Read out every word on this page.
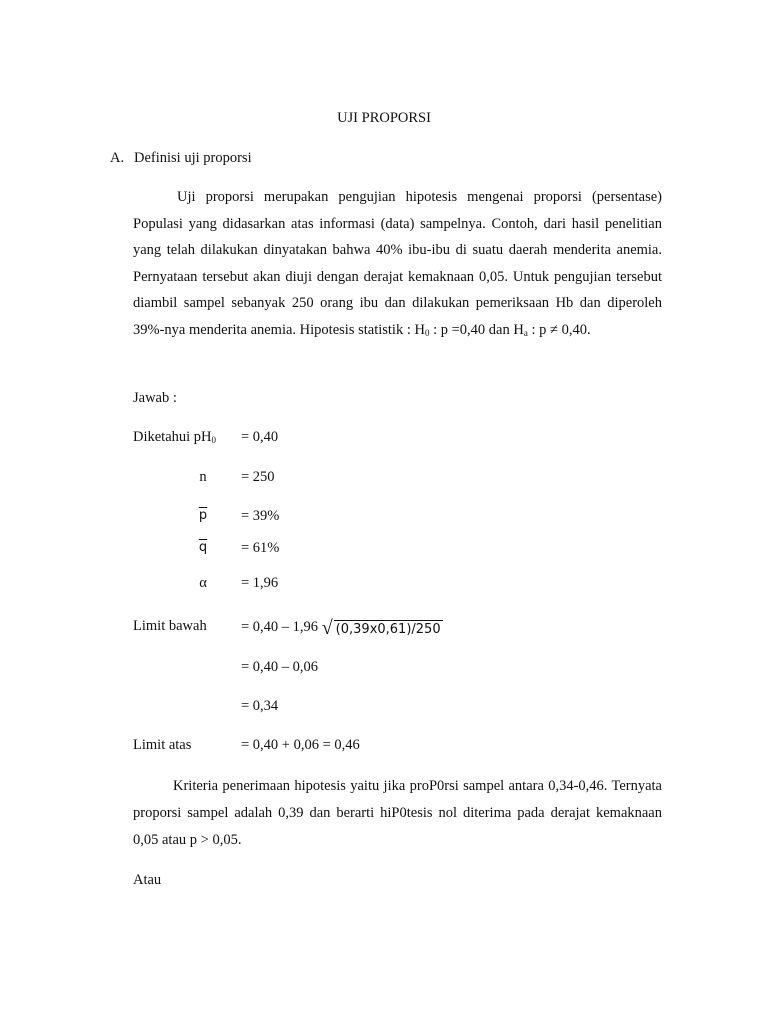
UJI PROPORSI
A. Definisi uji proporsi

Uji proporsi merupakan pengujian hipotesis mengenai proporsi (persentase) Populasi yang didasarkan atas informasi (data) sampelnya. Contoh, dari hasil penelitian yang telah dilakukan dinyatakan bahwa 40% ibu-ibu di suatu daerah menderita anemia. Pernyataan tersebut akan diuji dengan derajat kemaknaan 0,05. Untuk pengujian tersebut diambil sampel sebanyak 250 orang ibu dan dilakukan pemeriksaan Hb dan diperoleh 39%-nya menderita anemia. Hipotesis statistik : $H_0$ : p =0,40 dan $H_a$ : p ≠ 0,40.

Jawab :
Diketahui $pH_0 = 0,40$
n = 250
$\overline{p} = 39\%$
$\overline{q} = 61\%$
α = 1,96
Limit bawah = 0,40 – 1,96 √ (0,39x0,61)/250
= 0,40 – 0,06
= 0,34
Limit atas	= 0,40 + 0,06 = 0,46

Kriteria penerimaan hipotesis yaitu jika proP0rsi sampel antara 0,34-0,46. Ternyata proporsi sampel adalah 0,39 dan berarti hiP0tesis nol diterima pada derajat kemaknaan 0,05 atau p > 0,05.

Atau
